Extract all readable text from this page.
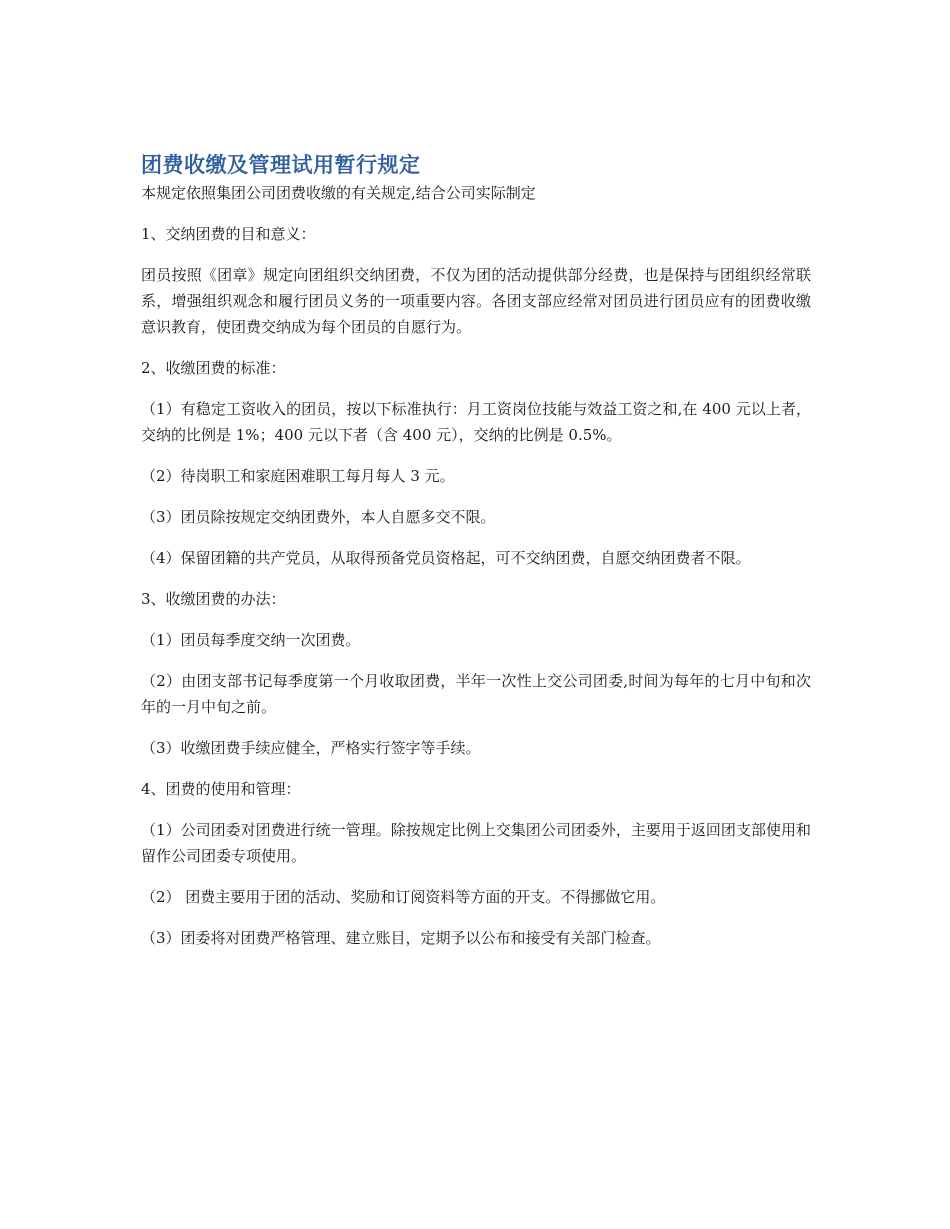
团费收缴及管理试用暂行规定

本规定依照集团公司团费收缴的有关规定,结合公司实际制定

1、交纳团费的目和意义：

团员按照《团章》规定向团组织交纳团费，不仅为团的活动提供部分经费，也是保持与团组织经常联系，增强组织观念和履行团员义务的一项重要内容。各团支部应经常对团员进行团员应有的团费收缴意识教育，使团费交纳成为每个团员的自愿行为。

2、收缴团费的标准：

（1）有稳定工资收入的团员，按以下标准执行：月工资岗位技能与效益工资之和,在 400 元以上者，交纳的比例是 1%；400 元以下者（含 400 元），交纳的比例是 0.5%。

（2）待岗职工和家庭困难职工每月每人 3 元。

（3）团员除按规定交纳团费外，本人自愿多交不限。

（4）保留团籍的共产党员，从取得预备党员资格起，可不交纳团费，自愿交纳团费者不限。

3、收缴团费的办法：

（1）团员每季度交纳一次团费。

（2）由团支部书记每季度第一个月收取团费，半年一次性上交公司团委,时间为每年的七月中旬和次年的一月中旬之前。

（3）收缴团费手续应健全，严格实行签字等手续。

4、团费的使用和管理：

（1）公司团委对团费进行统一管理。除按规定比例上交集团公司团委外，主要用于返回团支部使用和留作公司团委专项使用。

（2） 团费主要用于团的活动、奖励和订阅资料等方面的开支。不得挪做它用。

（3）团委将对团费严格管理、建立账目，定期予以公布和接受有关部门检查。
